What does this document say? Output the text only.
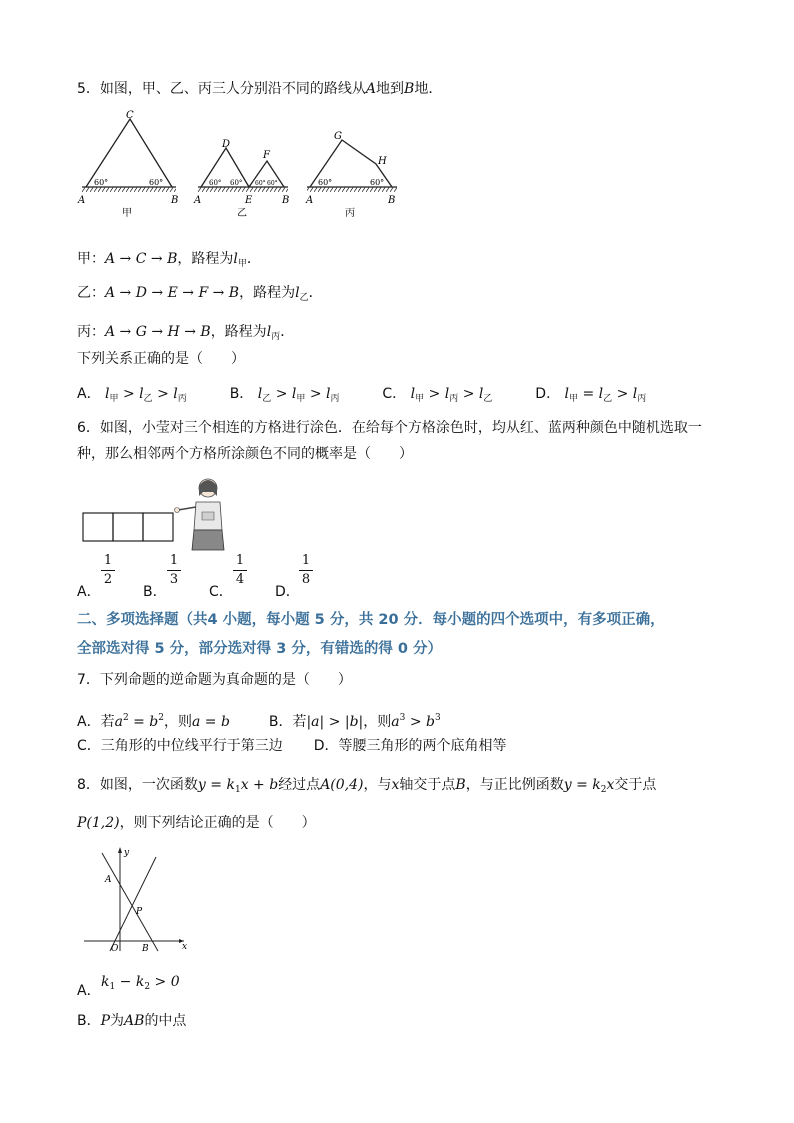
5．如图，甲、乙、丙三人分别沿不同的路线从A地到B地．
C
A	B
60°	60°
甲
D
F
A	E	B
60° 60° 60° 60°
乙
G
H
A	B
60°	60°
丙
甲：A → C → B，路程为$l_甲$．
乙：A → D → E → F → B，路程为$l_乙$．
丙：A → G → H → B，路程为$l_丙$．
下列关系正确的是（　　）
A． $l_甲 > l_乙 > l_丙$	B． $l_乙 > l_甲 > l_丙$	C． $l_甲 > l_丙 > l_乙$	D． $l_甲 = l_乙 > l_丙$
6．如图，小莹对三个相连的方格进行涂色．在给每个方格涂色时，均从红、蓝两种颜色中随机选取一
种，那么相邻两个方格所涂颜色不同的概率是（　　）
A．
1
2
B．
1
3
C．
1
4
D．
1
8
二、多项选择题（共4 小题，每小题 5 分，共 20 分．每小题的四个选项中，有多项正确，
全部选对得 5 分，部分选对得 3 分，有错选的得 0 分）
7．下列命题的逆命题为真命题的是（　　）
A．若$a^2 = b^2$，则a = b	B．若|a| > |b|，则$a^3 > b^3$
C．三角形的中位线平行于第三边 D．等腰三角形的两个底角相等
8．如图，一次函数$y = k_1x + b$经过点A(0,4)，与x轴交于点B，与正比例函数$y = k_2x$交于点
P(1,2)，则下列结论正确的是（　　）
y
x
A
P
O	B
A．
$k_1 - k_2 > 0$
B．P为AB的中点
